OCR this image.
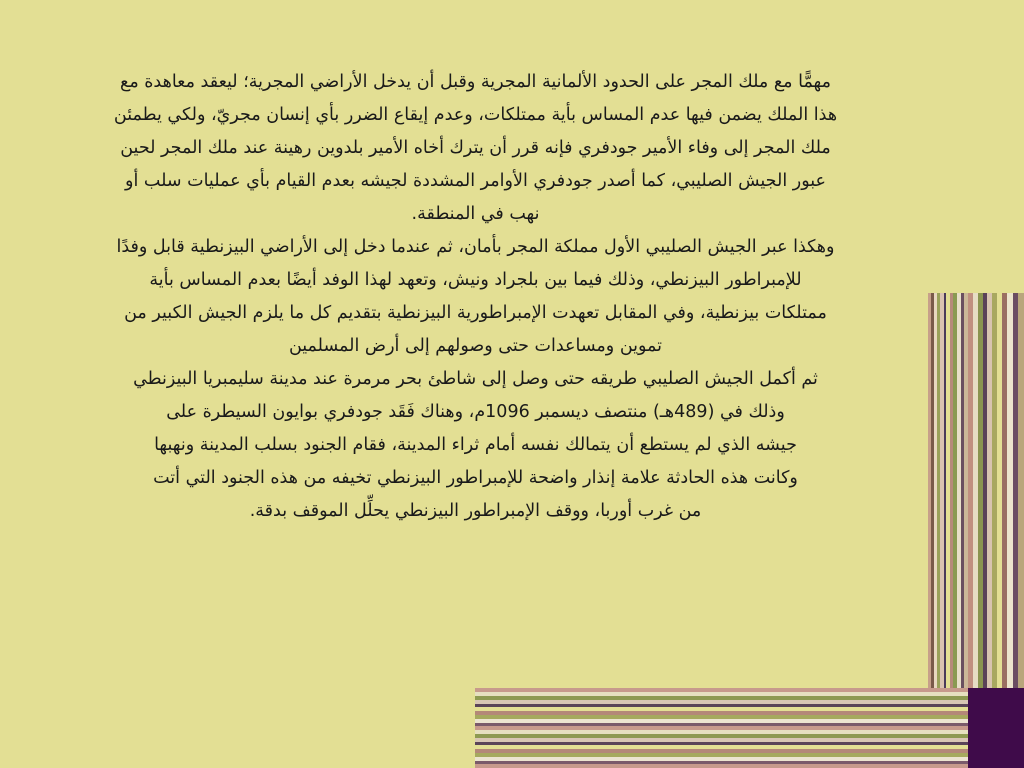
مهمًّا مع ملك المجر على الحدود الألمانية المجرية وقبل أن يدخل الأراضي المجرية؛ ليعقد معاهدة مع
هذا الملك يضمن فيها عدم المساس بأية ممتلكات، وعدم إيقاع الضرر بأي إنسان مجريّ، ولكي يطمئن
ملك المجر إلى وفاء الأمير جودفري فإنه قرر أن يترك أخاه الأمير بلدوين رهينة عند ملك المجر لحين
عبور الجيش الصليبي، كما أصدر جودفري الأوامر المشددة لجيشه بعدم القيام بأي عمليات سلب أو
نهب في المنطقة.
وهكذا عبر الجيش الصليبي الأول مملكة المجر بأمان، ثم عندما دخل إلى الأراضي البيزنطية قابل وفدًا
للإمبراطور البيزنطي، وذلك فيما بين بلجراد ونيش، وتعهد لهذا الوفد أيضًا بعدم المساس بأية
ممتلكات بيزنطية، وفي المقابل تعهدت الإمبراطورية البيزنطية بتقديم كل ما يلزم الجيش الكبير من
تموين ومساعدات حتى وصولهم إلى أرض المسلمين
ثم أكمل الجيش الصليبي طريقه حتى وصل إلى شاطئ بحر مرمرة عند مدينة سليمبريا البيزنطي
وذلك في (489هـ) منتصف ديسمبر 1096م، وهناك فَقَد جودفري بوايون السيطرة على
جيشه الذي لم يستطع أن يتمالك نفسه أمام ثراء المدينة، فقام الجنود بسلب المدينة ونهبها
وكانت هذه الحادثة علامة إنذار واضحة للإمبراطور البيزنطي تخيفه من هذه الجنود التي أتت
من غرب أوربا، ووقف الإمبراطور البيزنطي يحلِّل الموقف بدقة.
